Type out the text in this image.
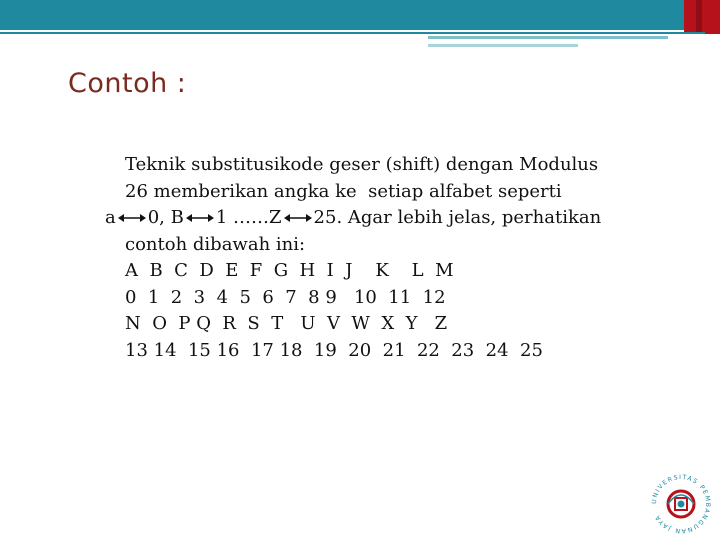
Contoh :
Teknik substitusikode geser (shift) dengan Modulus
26 memberikan angka ke  setiap alfabet seperti
a 0, B 1 ……Z 25. Agar lebih jelas, perhatikan
contoh dibawah ini:
A  B  C  D  E  F  G  H  I  J    K    L  M
0  1  2  3  4  5  6  7  8 9   10  11  12
N  O  P Q  R  S  T   U  V  W  X  Y   Z
13 14  15 16  17 18  19  20  21  22  23  24  25
UNIVERSITAS PEMBANGUNAN JAYA
